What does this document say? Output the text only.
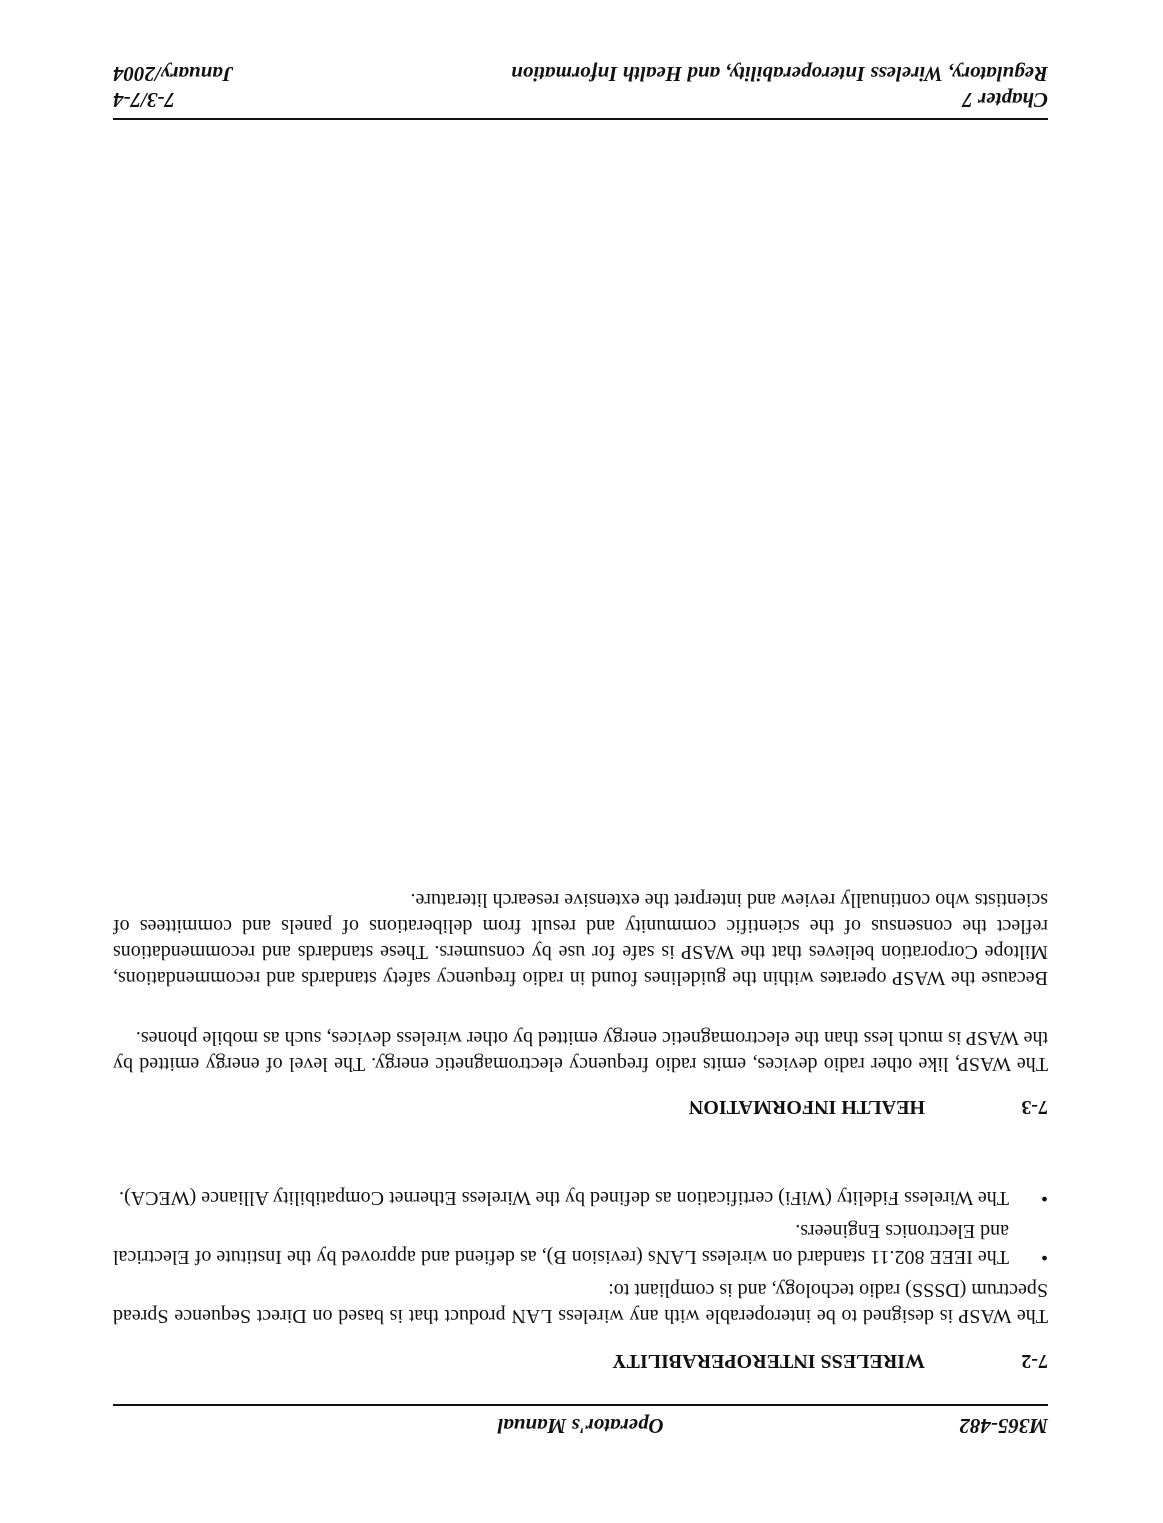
M365-482
Operator's Manual
7-2
WIRELESS INTEROPERABILITY
The WASP is designed to be interoperable with any wireless LAN product that is based on Direct Sequence Spread Spectrum (DSSS) radio techology, and is compliant to:
•
The IEEE 802.11 standard on wireless LANs (revision B), as defiend and approved by the Institute of Electrical and Electronics Engineers.
•
The Wireless Fidelity (WiFi) certification as defined by the Wireless Ethernet Compatibility Alliance (WECA).
7-3
HEALTH INFORMATION
The WASP, like other radio devices, emits radio frequency electromagnetic energy. The level of energy emitted by the WASP is much less than the electromagnetic energy emitted by other wireless devices, such as mobile phones.
Because the WASP operates within the guidelines found in radio frequency safety standards and recommendations, Miltope Corporation believes that the WASP is safe for use by consumers. These standards and recommendations reflect the consensus of the scientific community and result from deliberations of panels and committees of scientists who continually review and interpret the extensive research literature.
Chapter 7
7-3/7-4
Regulatory, Wireless Interoperability, and Health Information
January/2004
